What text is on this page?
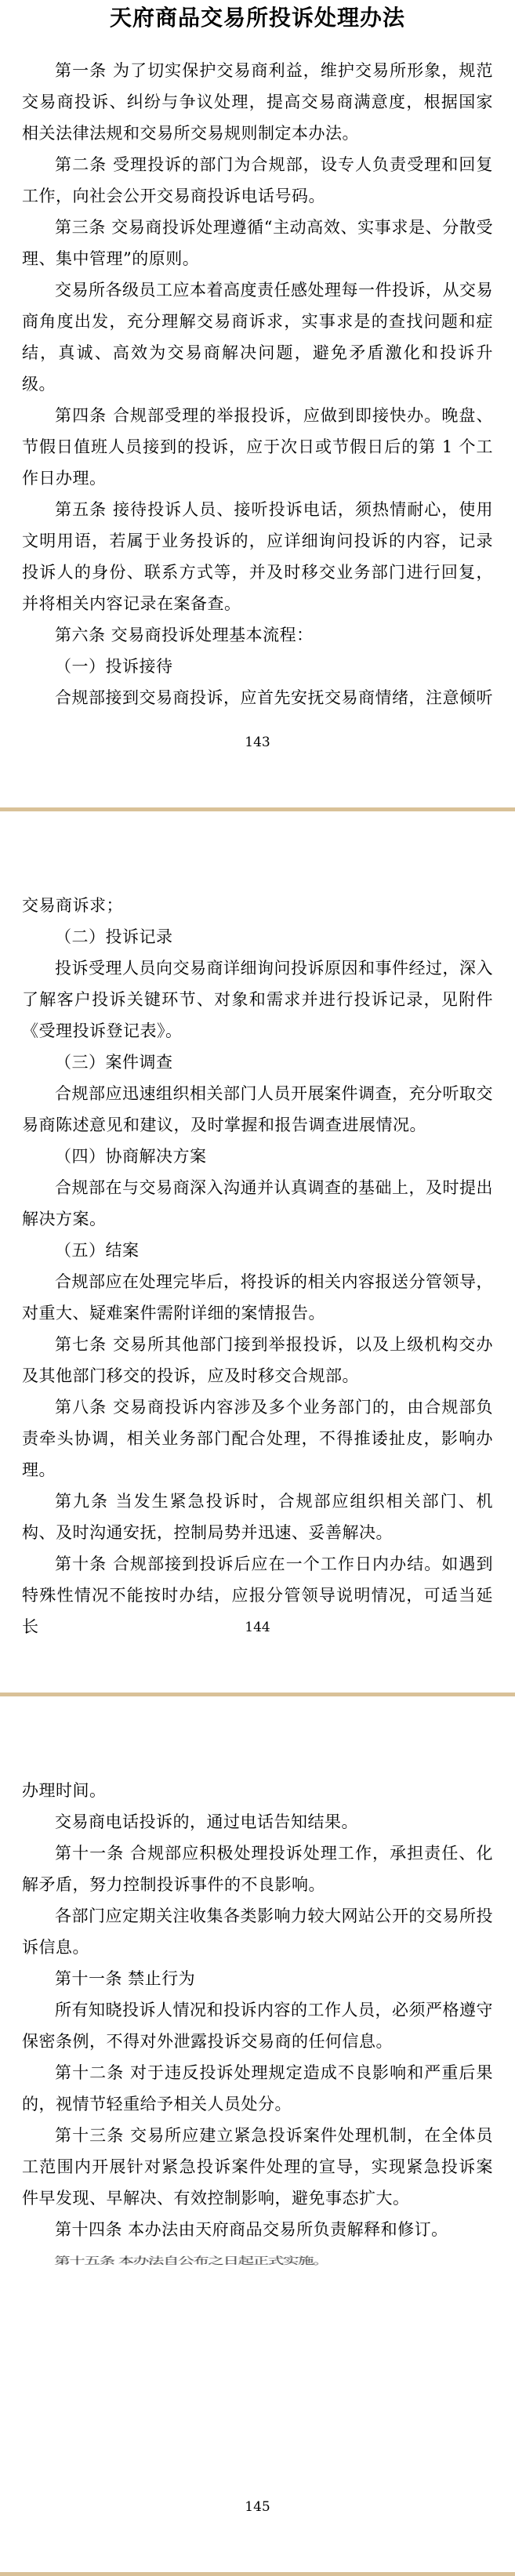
天府商品交易所投诉处理办法

第一条 为了切实保护交易商利益，维护交易所形象，规范交易商投诉、纠纷与争议处理，提高交易商满意度，根据国家相关法律法规和交易所交易规则制定本办法。

第二条 受理投诉的部门为合规部，设专人负责受理和回复工作，向社会公开交易商投诉电话号码。

第三条 交易商投诉处理遵循“主动高效、实事求是、分散受理、集中管理”的原则。

交易所各级员工应本着高度责任感处理每一件投诉，从交易商角度出发，充分理解交易商诉求，实事求是的查找问题和症结，真诚、高效为交易商解决问题，避免矛盾激化和投诉升级。

第四条 合规部受理的举报投诉，应做到即接快办。晚盘、节假日值班人员接到的投诉，应于次日或节假日后的第 1 个工作日办理。

第五条 接待投诉人员、接听投诉电话，须热情耐心，使用文明用语，若属于业务投诉的，应详细询问投诉的内容，记录投诉人的身份、联系方式等，并及时移交业务部门进行回复，并将相关内容记录在案备查。

第六条 交易商投诉处理基本流程：

（一）投诉接待

合规部接到交易商投诉，应首先安抚交易商情绪，注意倾听

143

交易商诉求；

（二）投诉记录

投诉受理人员向交易商详细询问投诉原因和事件经过，深入了解客户投诉关键环节、对象和需求并进行投诉记录，见附件《受理投诉登记表》。

（三）案件调查

合规部应迅速组织相关部门人员开展案件调查，充分听取交易商陈述意见和建议，及时掌握和报告调查进展情况。

（四）协商解决方案

合规部在与交易商深入沟通并认真调查的基础上，及时提出解决方案。

（五）结案

合规部应在处理完毕后，将投诉的相关内容报送分管领导，对重大、疑难案件需附详细的案情报告。

第七条 交易所其他部门接到举报投诉，以及上级机构交办及其他部门移交的投诉，应及时移交合规部。

第八条 交易商投诉内容涉及多个业务部门的，由合规部负责牵头协调，相关业务部门配合处理，不得推诿扯皮，影响办理。

第九条 当发生紧急投诉时，合规部应组织相关部门、机构、及时沟通安抚，控制局势并迅速、妥善解决。

第十条 合规部接到投诉后应在一个工作日内办结。如遇到特殊性情况不能按时办结，应报分管领导说明情况，可适当延长	144

办理时间。

交易商电话投诉的，通过电话告知结果。

第十一条 合规部应积极处理投诉处理工作，承担责任、化解矛盾，努力控制投诉事件的不良影响。

各部门应定期关注收集各类影响力较大网站公开的交易所投诉信息。

第十一条 禁止行为

所有知晓投诉人情况和投诉内容的工作人员，必须严格遵守保密条例，不得对外泄露投诉交易商的任何信息。

第十二条 对于违反投诉处理规定造成不良影响和严重后果的，视情节轻重给予相关人员处分。

第十三条 交易所应建立紧急投诉案件处理机制，在全体员工范围内开展针对紧急投诉案件处理的宣导，实现紧急投诉案件早发现、早解决、有效控制影响，避免事态扩大。

第十四条 本办法由天府商品交易所负责解释和修订。

第十五条 本办法自公布之日起正式实施。

145
